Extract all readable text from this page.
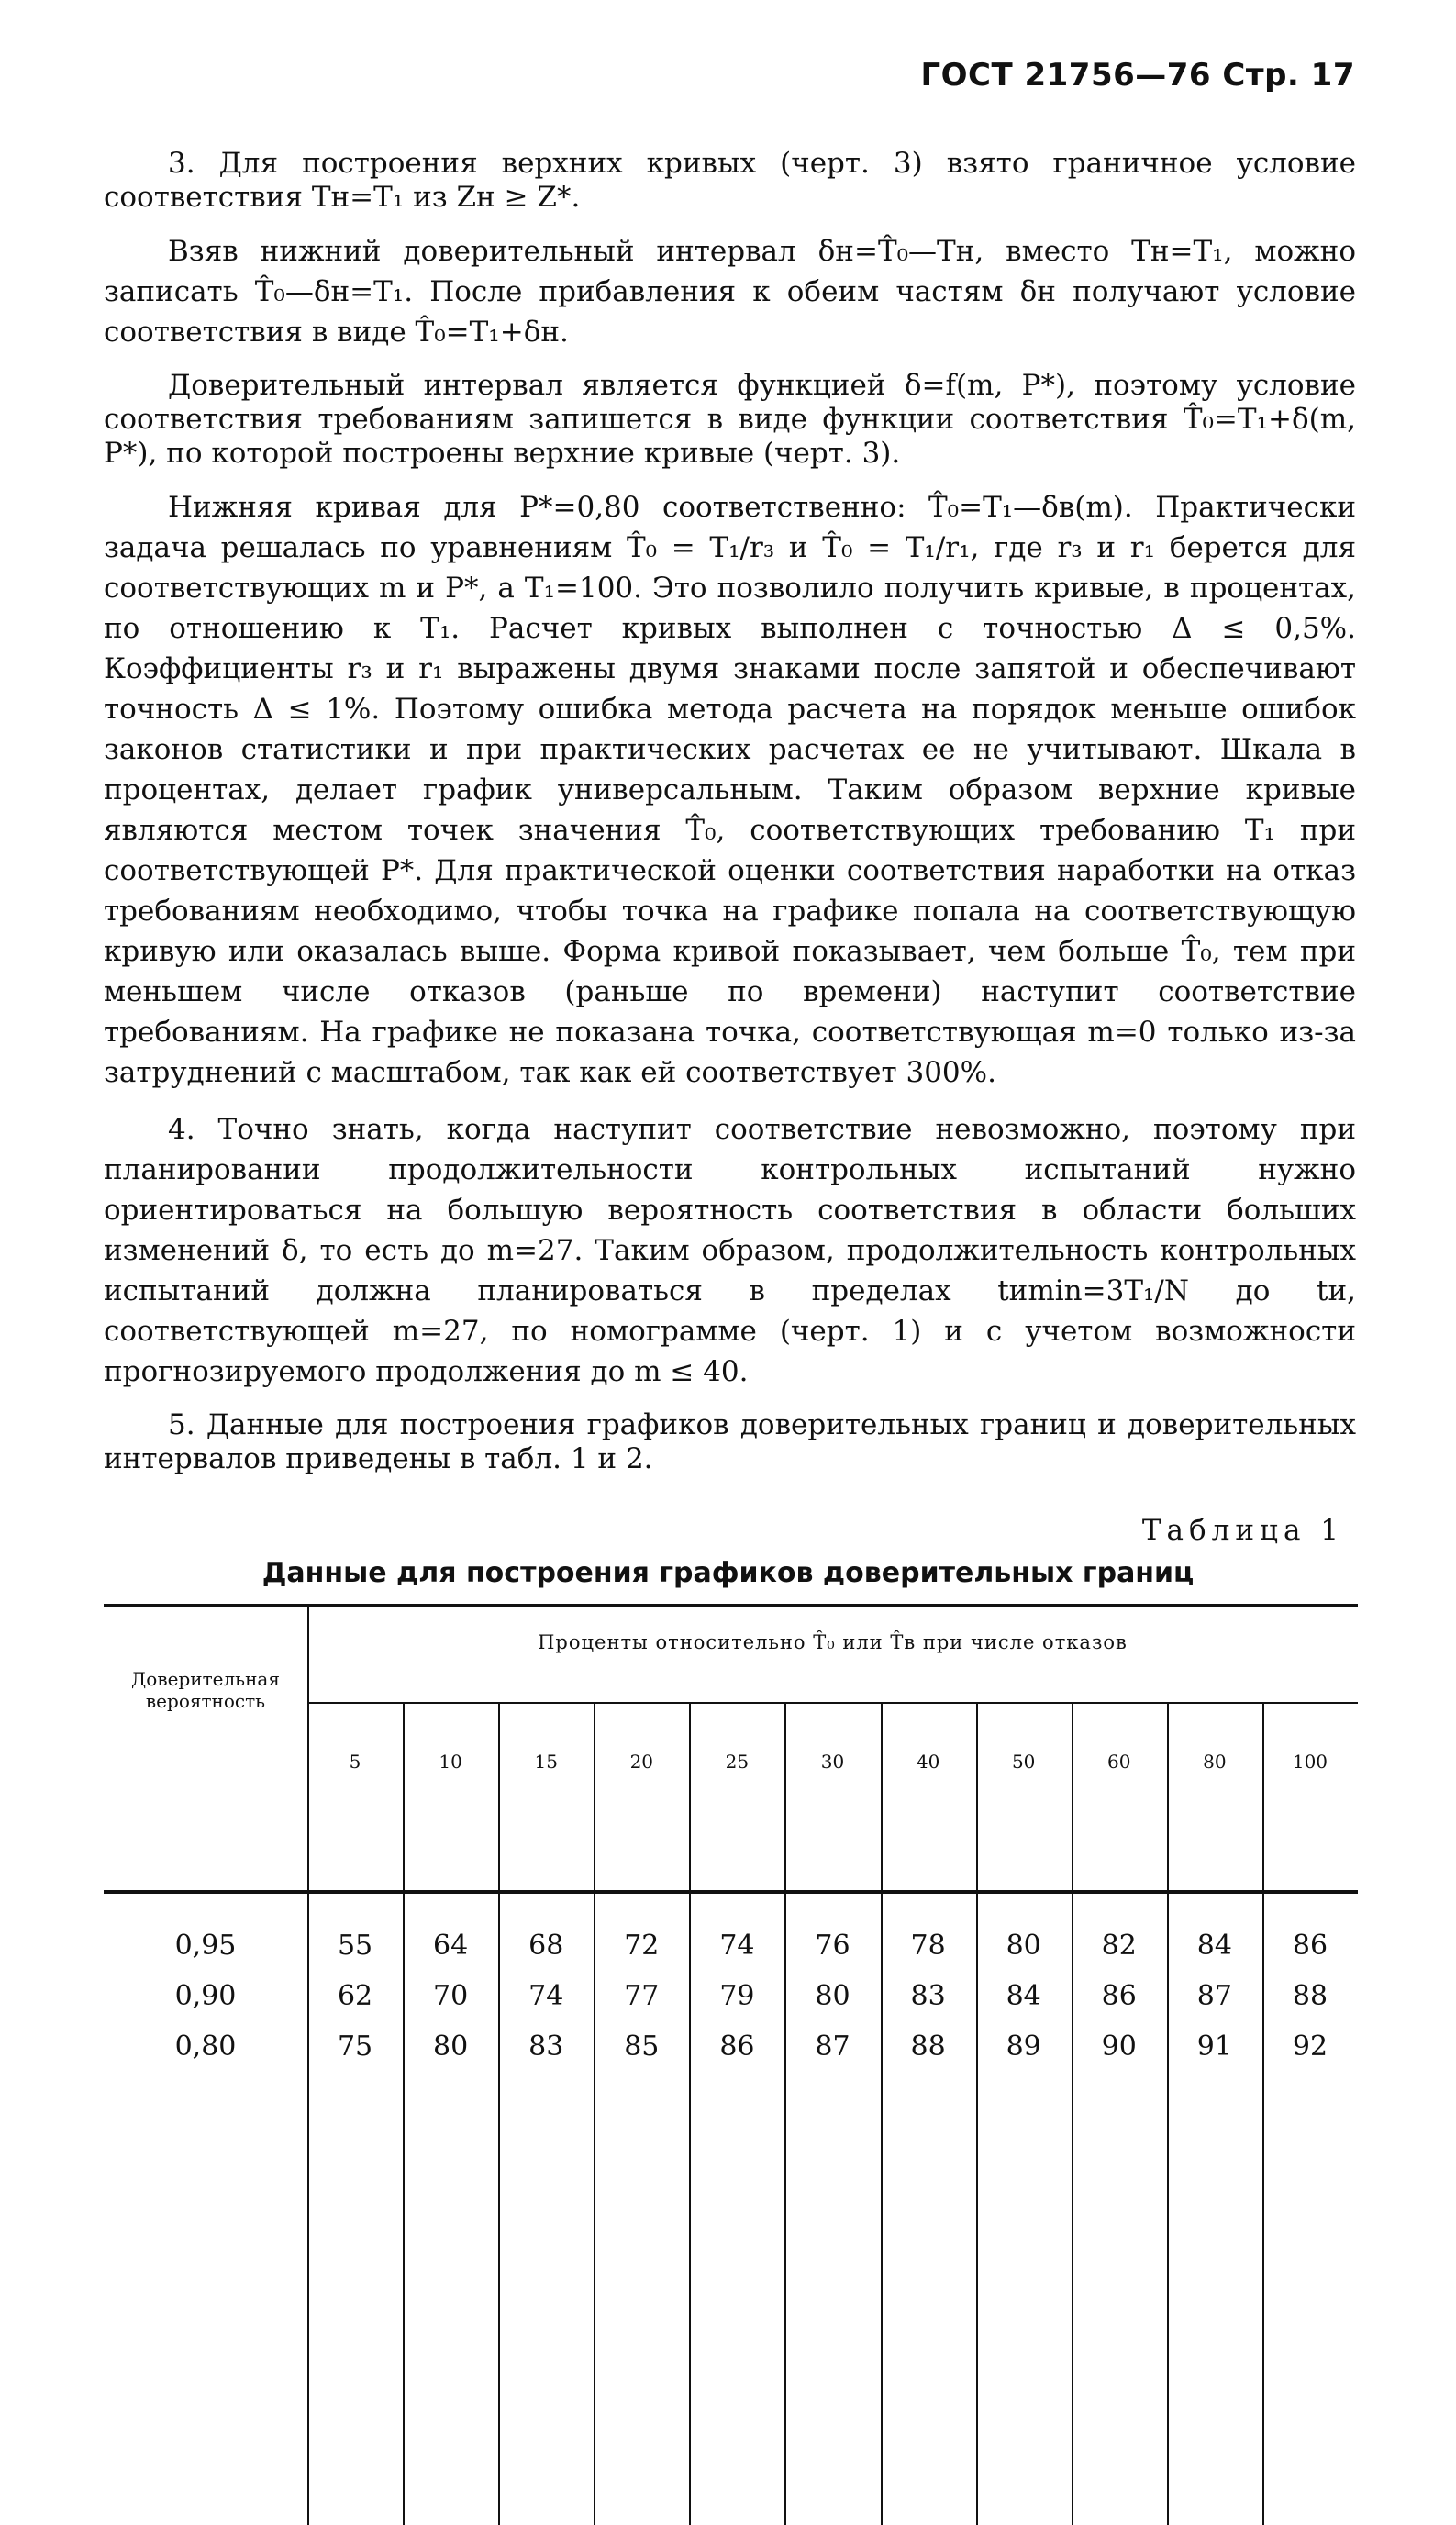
ГОСТ 21756—76 Стр. 17

3. Для построения верхних кривых (черт. 3) взято граничное условие соответствия Tн=T₁ из Zн ≥ Z*.

Взяв нижний доверительный интервал δн=T̂₀—Tн, вместо Tн=T₁, можно записать T̂₀—δн=T₁. После прибавления к обеим частям δн получают условие соответствия в виде T̂₀=T₁+δн.

Доверительный интервал является функцией δ=f(m, P*), поэтому условие соответствия требованиям запишется в виде функции соответствия T̂₀=T₁+δ(m, P*), по которой построены верхние кривые (черт. 3).

Нижняя кривая для P*=0,80 соответственно: T̂₀=T₁—δв(m). Практически задача решалась по уравнениям T̂₀ = T₁/r₃ и T̂₀ = T₁/r₁, где r₃ и r₁ берется для соответствующих m и P*, а T₁=100. Это позволило получить кривые, в процентах, по отношению к T₁. Расчет кривых выполнен с точностью Δ ≤ 0,5%. Коэффициенты r₃ и r₁ выражены двумя знаками после запятой и обеспечивают точность Δ ≤ 1%. Поэтому ошибка метода расчета на порядок меньше ошибок законов статистики и при практических расчетах ее не учитывают. Шкала в процентах, делает график универсальным. Таким образом верхние кривые являются местом точек значения T̂₀, соответствующих требованию T₁ при соответствующей P*. Для практической оценки соответствия наработки на отказ требованиям необходимо, чтобы точка на графике попала на соответствующую кривую или оказалась выше. Форма кривой показывает, чем больше T̂₀, тем при меньшем числе отказов (раньше по времени) наступит соответствие требованиям. На графике не показана точка, соответствующая m=0 только из-за затруднений с масштабом, так как ей соответствует 300%.

4. Точно знать, когда наступит соответствие невозможно, поэтому при планировании продолжительности контрольных испытаний нужно ориентироваться на большую вероятность соответствия в области больших изменений δ, то есть до m=27. Таким образом, продолжительность контрольных испытаний должна планироваться в пределах tиmin=3T₁/N до tи, соответствующей m=27, по номограмме (черт. 1) и с учетом возможности прогнозируемого продолжения до m ≤ 40.

5. Данные для построения графиков доверительных границ и доверительных интервалов приведены в табл. 1 и 2.

Таблица 1
Данные для построения графиков доверительных границ
Доверительная вероятность
Проценты относительно T̂₀ или T̂в при числе отказов
5	10	15	20	25	30	40	50	60	80	100
0,95	55 64 68 72 74 76 78 80 82 84 86
0,90	62 70 74 77 79 80 83 84 86 87 88
0,80	75 80 83 85 86 87 88 89 90 91 92
